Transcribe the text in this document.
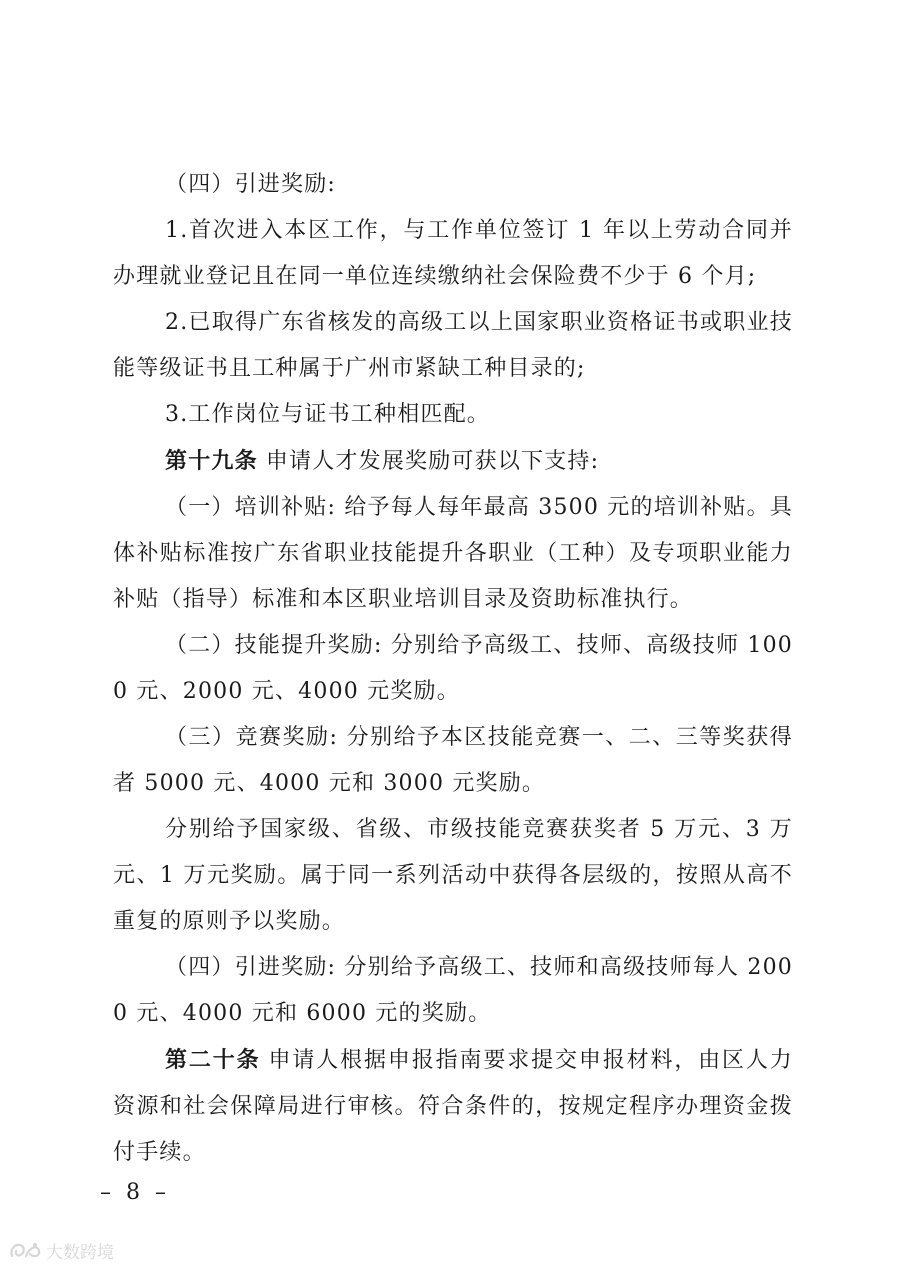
（四）引进奖励:

1.首次进入本区工作，与工作单位签订 1 年以上劳动合同并办理就业登记且在同一单位连续缴纳社会保险费不少于 6 个月;

2.已取得广东省核发的高级工以上国家职业资格证书或职业技能等级证书且工种属于广州市紧缺工种目录的;

3.工作岗位与证书工种相匹配。

第十九条 申请人才发展奖励可获以下支持:

（一）培训补贴: 给予每人每年最高 3500 元的培训补贴。具体补贴标准按广东省职业技能提升各职业（工种）及专项职业能力补贴（指导）标准和本区职业培训目录及资助标准执行。

（二）技能提升奖励: 分别给予高级工、技师、高级技师 1000 元、2000 元、4000 元奖励。

（三）竞赛奖励: 分别给予本区技能竞赛一、二、三等奖获得者 5000 元、4000 元和 3000 元奖励。

分别给予国家级、省级、市级技能竞赛获奖者 5 万元、3 万元、1 万元奖励。属于同一系列活动中获得各层级的，按照从高不重复的原则予以奖励。

（四）引进奖励: 分别给予高级工、技师和高级技师每人 2000 元、4000 元和 6000 元的奖励。

第二十条 申请人根据申报指南要求提交申报材料，由区人力资源和社会保障局进行审核。符合条件的，按规定程序办理资金拨付手续。

– 8 –
大数跨境
